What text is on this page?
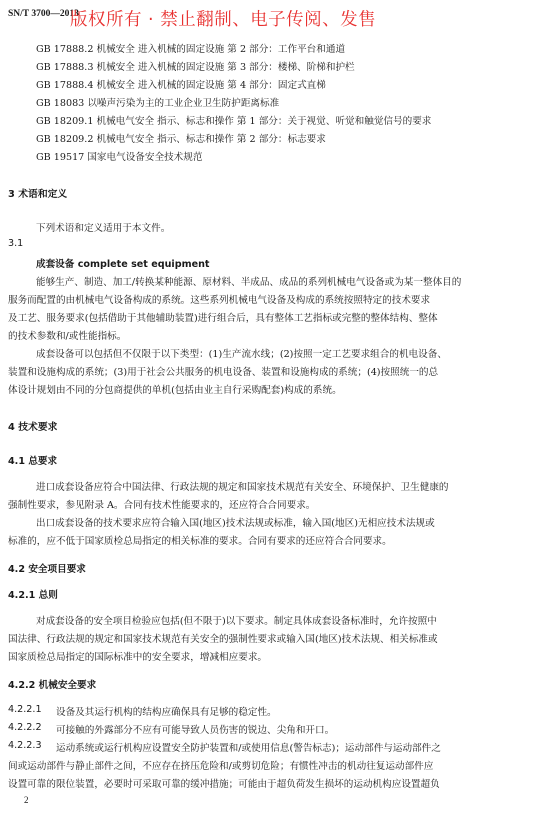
SN/T 3700—2013
版权所有 · 禁止翻制、电子传阅、发售
GB 17888.2 机械安全 进入机械的固定设施 第 2 部分：工作平台和通道
GB 17888.3 机械安全 进入机械的固定设施 第 3 部分：楼梯、阶梯和护栏
GB 17888.4 机械安全 进入机械的固定设施 第 4 部分：固定式直梯
GB 18083 以噪声污染为主的工业企业卫生防护距离标准
GB 18209.1 机械电气安全 指示、标志和操作 第 1 部分：关于视觉、听觉和触觉信号的要求
GB 18209.2 机械电气安全 指示、标志和操作 第 2 部分：标志要求
GB 19517 国家电气设备安全技术规范
3 术语和定义
下列术语和定义适用于本文件。
3.1
成套设备 complete set equipment
能够生产、制造、加工/转换某种能源、原材料、半成品、成品的系列机械电气设备或为某一整体目的
服务而配置的由机械电气设备构成的系统。这些系列机械电气设备及构成的系统按照特定的技术要求
及工艺、服务要求(包括借助于其他辅助装置)进行组合后，具有整体工艺指标或完整的整体结构、整体
的技术参数和/或性能指标。
成套设备可以包括但不仅限于以下类型：(1)生产流水线；(2)按照一定工艺要求组合的机电设备、
装置和设施构成的系统；(3)用于社会公共服务的机电设备、装置和设施构成的系统；(4)按照统一的总
体设计规划由不同的分包商提供的单机(包括由业主自行采购配套)构成的系统。
4 技术要求
4.1 总要求
进口成套设备应符合中国法律、行政法规的规定和国家技术规范有关安全、环境保护、卫生健康的
强制性要求，参见附录 A。合同有技术性能要求的，还应符合合同要求。
出口成套设备的技术要求应符合输入国(地区)技术法规或标准，输入国(地区)无相应技术法规或
标准的，应不低于国家质检总局指定的相关标准的要求。合同有要求的还应符合合同要求。
4.2 安全项目要求
4.2.1 总则
对成套设备的安全项目检验应包括(但不限于)以下要求。制定具体成套设备标准时，允许按照中
国法律、行政法规的规定和国家技术规范有关安全的强制性要求或输入国(地区)技术法规、相关标准或
国家质检总局指定的国际标准中的安全要求，增减相应要求。
4.2.2 机械安全要求
4.2.2.1 设备及其运行机构的结构应确保具有足够的稳定性。
4.2.2.2 可接触的外露部分不应有可能导致人员伤害的锐边、尖角和开口。
4.2.2.3 运动系统或运行机构应设置安全防护装置和/或使用信息(警告标志)；运动部件与运动部件之
间或运动部件与静止部件之间，不应存在挤压危险和/或剪切危险；有惯性冲击的机动往复运动部件应
设置可靠的限位装置，必要时可采取可靠的缓冲措施；可能由于超负荷发生损坏的运动机构应设置超负
2
